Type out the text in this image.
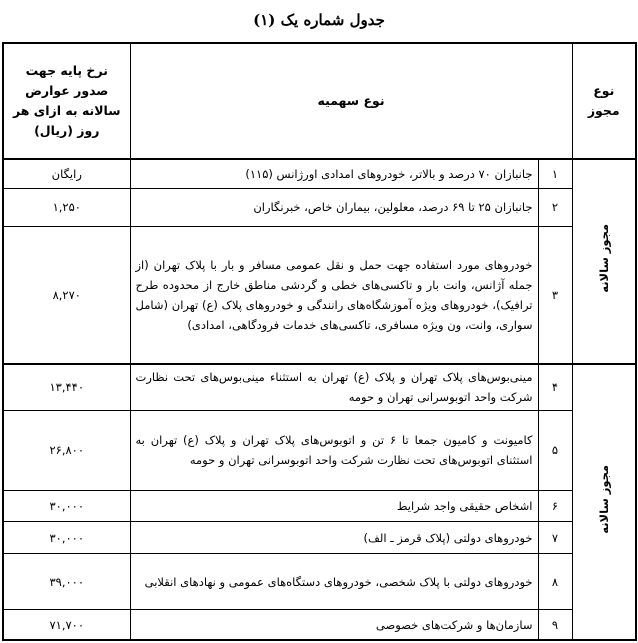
جدول شماره یک (۱)
نوع مجوز	نوع سهمیه		نرخ پایه جهت صدور عوارض سالانه به ازای هر روز (ریال)
مجوز سالانه	۱	جانبازان ۷۰ درصد و بالاتر، خودروهای امدادی اورژانس (۱۱۵)	رایگان
	۲	جانبازان ۲۵ تا ۶۹ درصد، معلولین، بیماران خاص، خبرنگاران	۱,۲۵۰
	۳	خودروهای مورد استفاده جهت حمل و نقل عمومی مسافر و بار با پلاک تهران (از جمله آژانس، وانت بار و تاکسی‌های خطی و گردشی مناطق خارج از محدوده طرح ترافیک)، خودروهای ویژه آموزشگاه‌های رانندگی و خودروهای پلاک (ع) تهران (شامل سواری، وانت، ون ویژه مسافری، تاکسی‌های خدمات فرودگاهی، امدادی)	۸,۲۷۰
مجوز سالانه	۴	مینی‌بوس‌های پلاک تهران و پلاک (ع) تهران به استثناء مینی‌بوس‌های تحت نظارت شرکت واحد اتوبوسرانی تهران و حومه	۱۳,۴۴۰
	۵	کامیونت و کامیون جمعا تا ۶ تن و اتوبوس‌های پلاک تهران و پلاک (ع) تهران به استثنای اتوبوس‌های تحت نظارت شرکت واحد اتوبوسرانی تهران و حومه	۲۶,۸۰۰
	۶	اشخاص حقیقی واجد شرایط	۳۰,۰۰۰
	۷	خودروهای دولتی (پلاک قرمز ـ الف)	۳۰,۰۰۰
	۸	خودروهای دولتی با پلاک شخصی، خودروهای دستگاه‌های عمومی و نهادهای انقلابی	۳۹,۰۰۰
	۹	سازمان‌ها و شرکت‌های خصوصی	۷۱,۷۰۰
